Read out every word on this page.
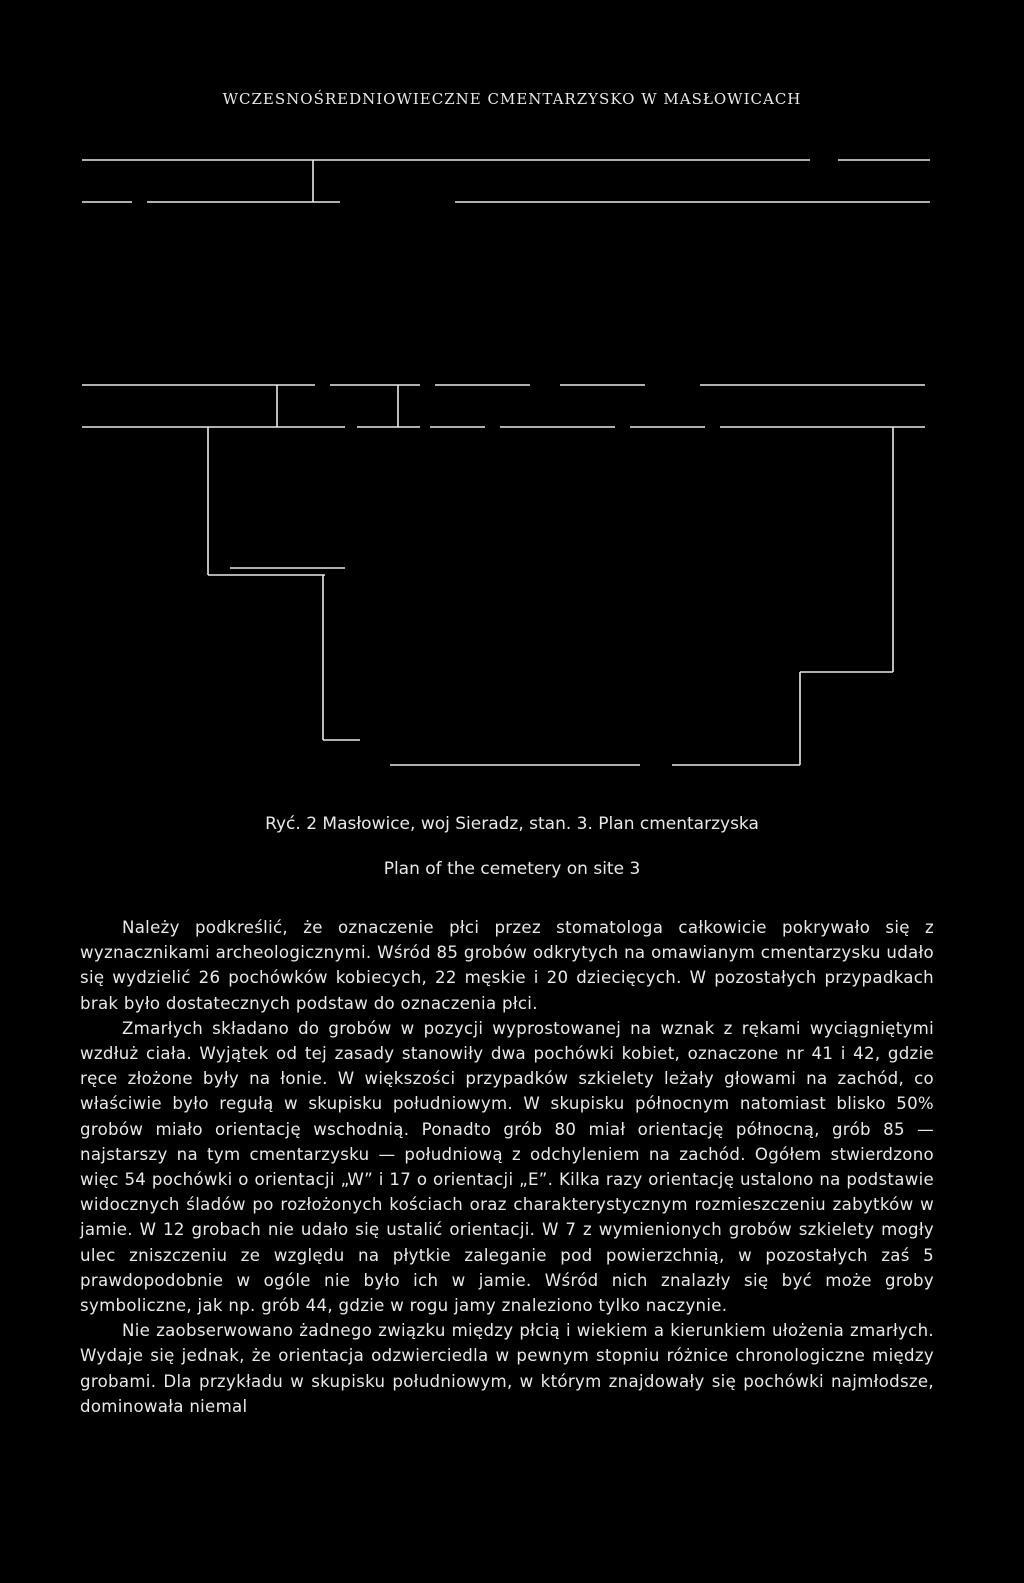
WCZESNOŚREDNIOWIECZNE CMENTARZYSKO W MASŁOWICACH
Ryć. 2 Masłowice, woj Sieradz, stan. 3. Plan cmentarzyska
Plan of the cemetery on site 3

Należy podkreślić, że oznaczenie płci przez stomatologa całkowicie pokrywało się z wyznacznikami archeologicznymi. Wśród 85 grobów odkrytych na omawianym cmentarzysku udało się wydzielić 26 pochówków kobiecych, 22 męskie i 20 dziecięcych. W pozostałych przypadkach brak było dostatecznych podstaw do oznaczenia płci.

Zmarłych składano do grobów w pozycji wyprostowanej na wznak z rękami wyciągniętymi wzdłuż ciała. Wyjątek od tej zasady stanowiły dwa pochówki kobiet, oznaczone nr 41 i 42, gdzie ręce złożone były na łonie. W większości przypadków szkielety leżały głowami na zachód, co właściwie było regułą w skupisku południowym. W skupisku północnym natomiast blisko 50% grobów miało orientację wschodnią. Ponadto grób 80 miał orientację północną, grób 85 — najstarszy na tym cmentarzysku — południową z odchyleniem na zachód. Ogółem stwierdzono więc 54 pochówki o orientacji „W” i 17 o orientacji „E”. Kilka razy orientację ustalono na podstawie widocznych śladów po rozłożonych kościach oraz charakterystycznym rozmieszczeniu zabytków w jamie. W 12 grobach nie udało się ustalić orientacji. W 7 z wymienionych grobów szkielety mogły ulec zniszczeniu ze względu na płytkie zaleganie pod powierzchnią, w pozostałych zaś 5 prawdopodobnie w ogóle nie było ich w jamie. Wśród nich znalazły się być może groby symboliczne, jak np. grób 44, gdzie w rogu jamy znaleziono tylko naczynie.

Nie zaobserwowano żadnego związku między płcią i wiekiem a kierunkiem ułożenia zmarłych. Wydaje się jednak, że orientacja odzwierciedla w pewnym stopniu różnice chronologiczne między grobami. Dla przykładu w skupisku południowym, w którym znajdowały się pochówki najmłodsze, dominowała niemal
